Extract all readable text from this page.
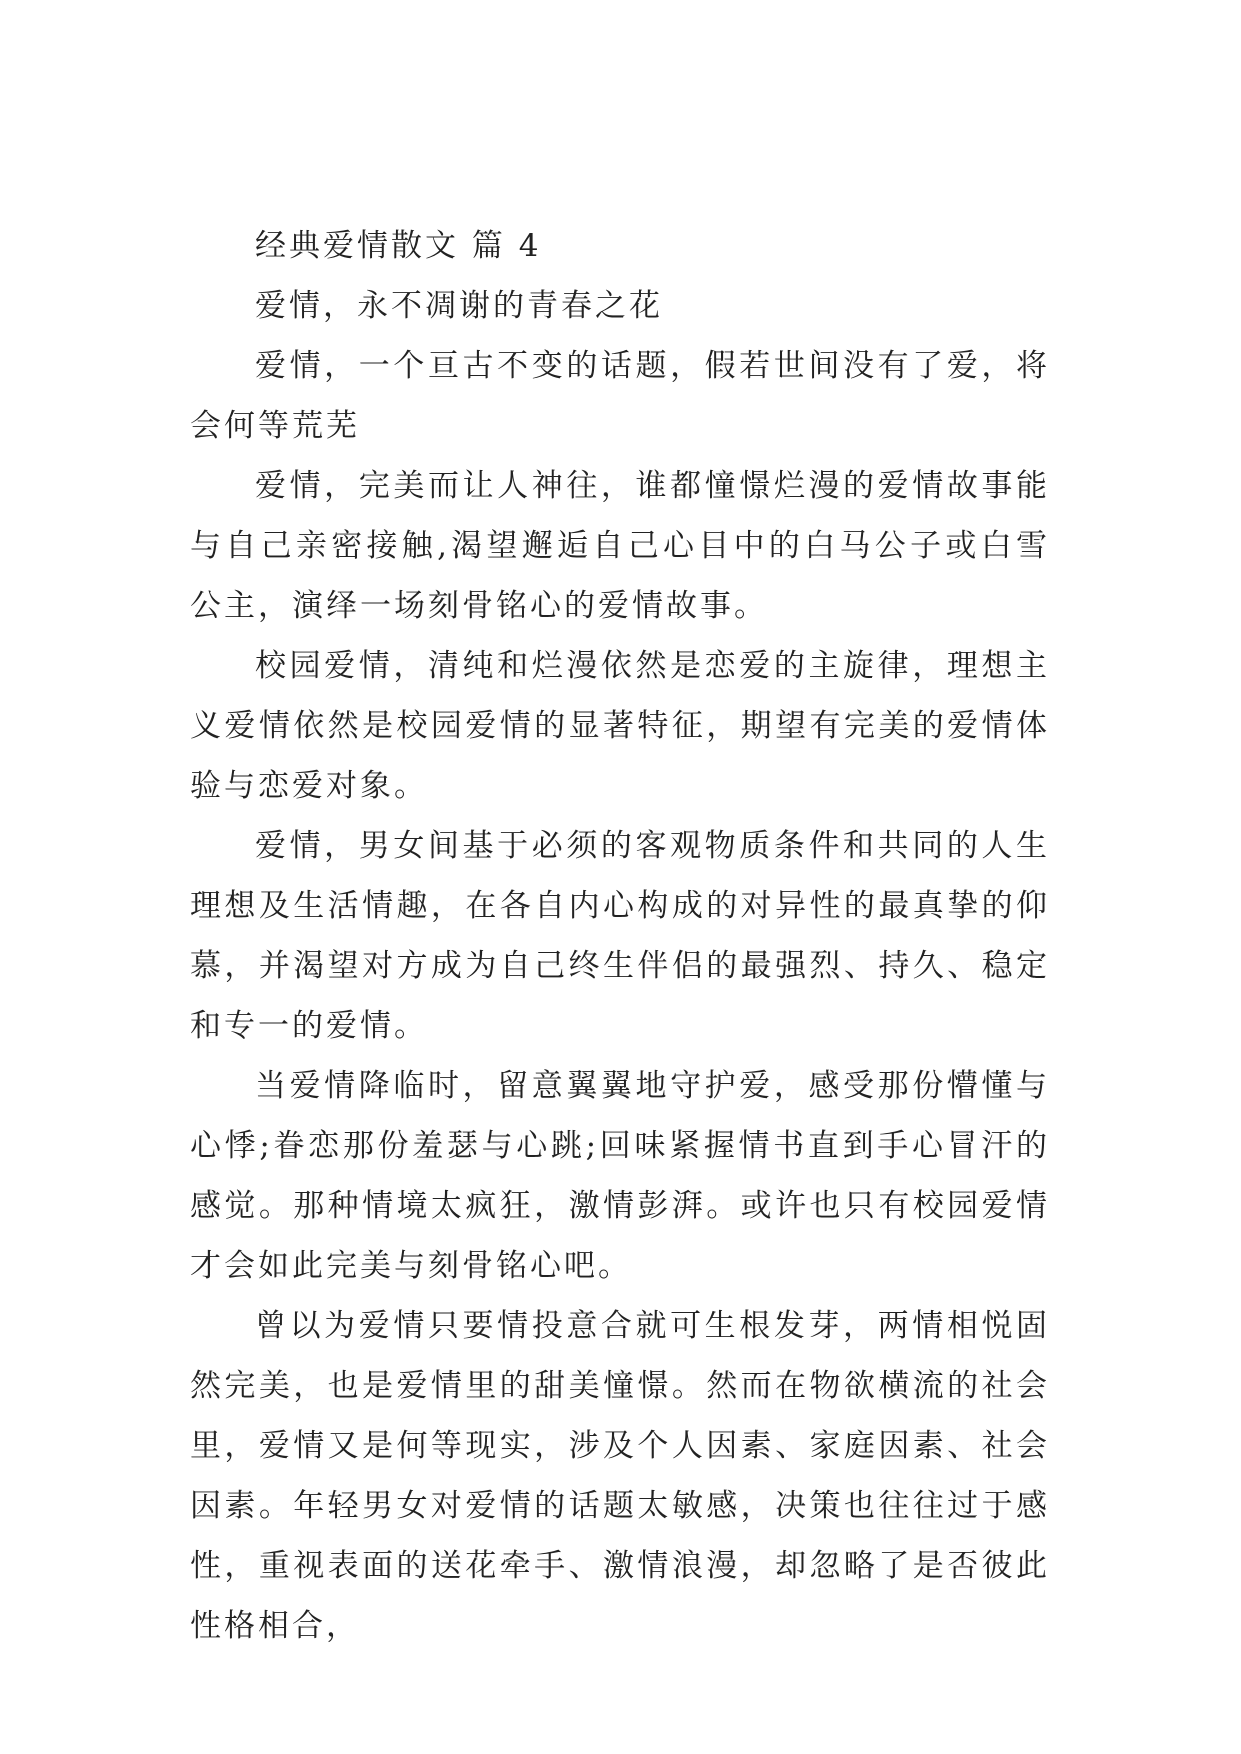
经典爱情散文 篇 4

爱情，永不凋谢的青春之花

爱情，一个亘古不变的话题，假若世间没有了爱，将会何等荒芜

爱情，完美而让人神往，谁都憧憬烂漫的爱情故事能与自己亲密接触,渴望邂逅自己心目中的白马公子或白雪公主，演绎一场刻骨铭心的爱情故事。

校园爱情，清纯和烂漫依然是恋爱的主旋律，理想主义爱情依然是校园爱情的显著特征，期望有完美的爱情体验与恋爱对象。

爱情，男女间基于必须的客观物质条件和共同的人生理想及生活情趣，在各自内心构成的对异性的最真挚的仰慕，并渴望对方成为自己终生伴侣的最强烈、持久、稳定和专一的爱情。

当爱情降临时，留意翼翼地守护爱，感受那份懵懂与心悸;眷恋那份羞瑟与心跳;回味紧握情书直到手心冒汗的感觉。那种情境太疯狂，激情彭湃。或许也只有校园爱情才会如此完美与刻骨铭心吧。

曾以为爱情只要情投意合就可生根发芽，两情相悦固然完美，也是爱情里的甜美憧憬。然而在物欲横流的社会里，爱情又是何等现实，涉及个人因素、家庭因素、社会因素。年轻男女对爱情的话题太敏感，决策也往往过于感性，重视表面的送花牵手、激情浪漫，却忽略了是否彼此性格相合，
